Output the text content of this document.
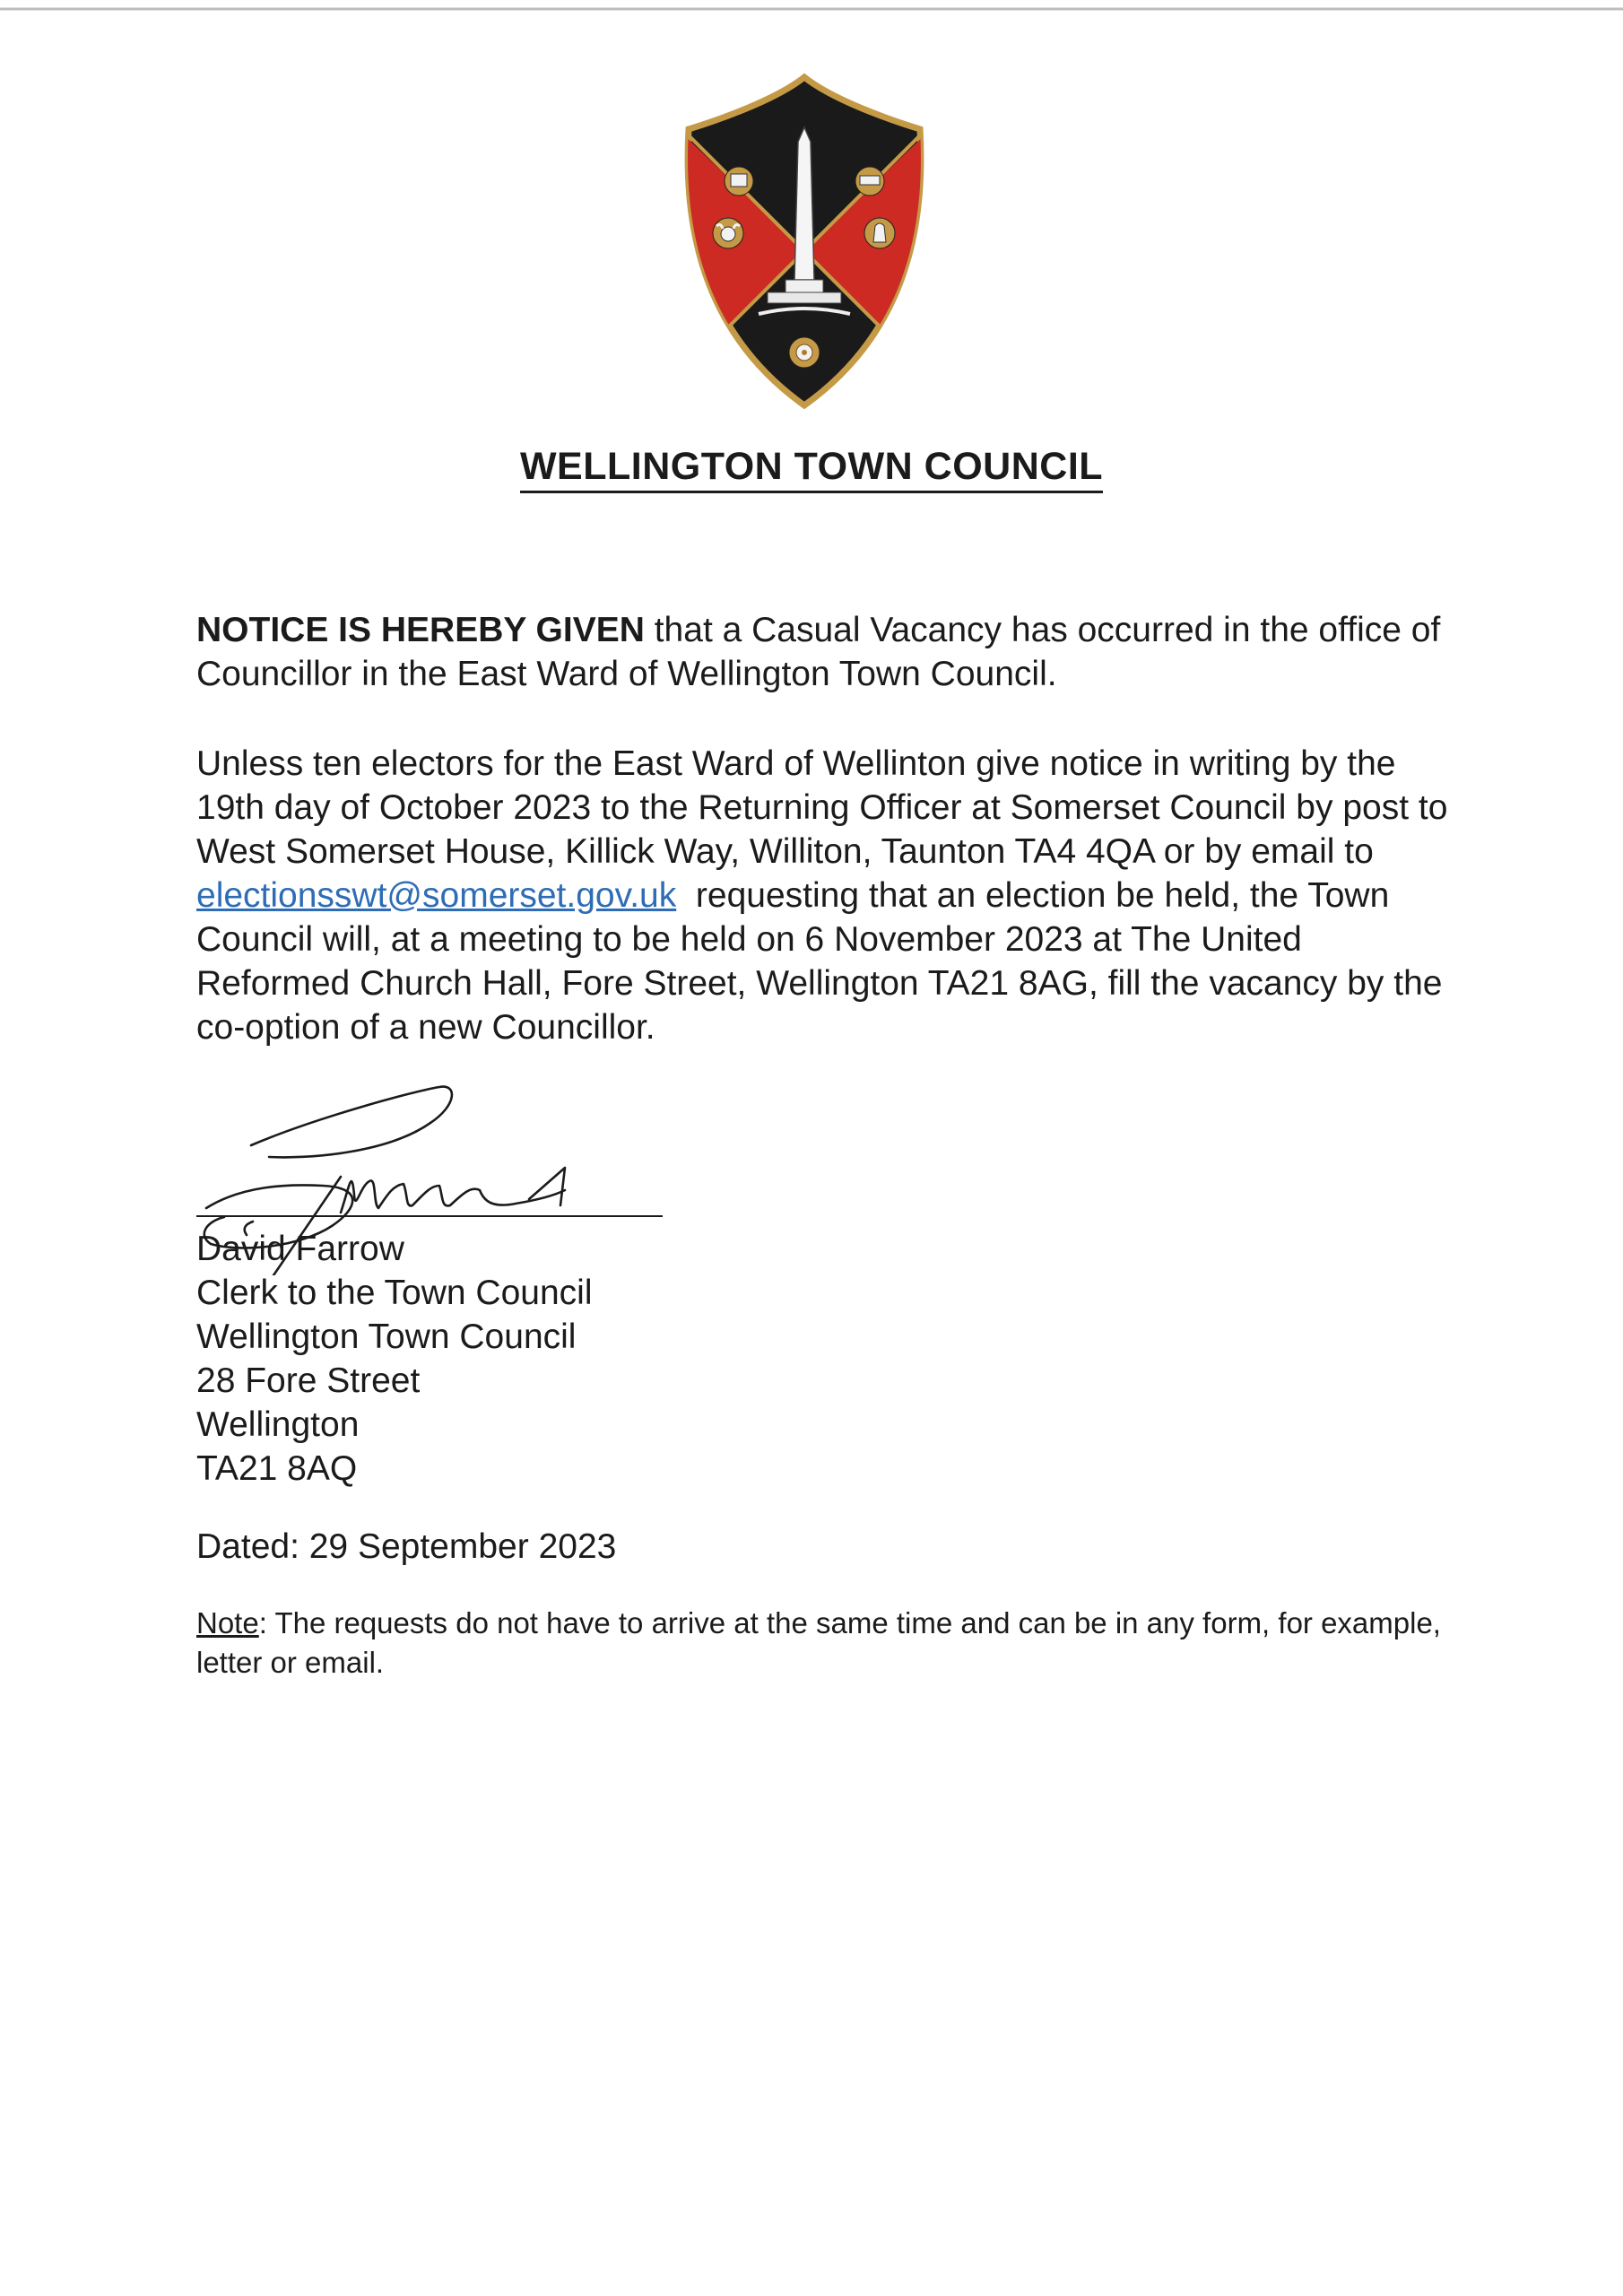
WELLINGTON TOWN COUNCIL

NOTICE IS HEREBY GIVEN that a Casual Vacancy has occurred in the office of Councillor in the East Ward of Wellington Town Council.

Unless ten electors for the East Ward of Wellinton give notice in writing by the 19th day of October 2023 to the Returning Officer at Somerset Council by post to West Somerset House, Killick Way, Williton, Taunton TA4 4QA or by email to electionsswt@somerset.gov.uk  requesting that an election be held, the Town Council will, at a meeting to be held on 6 November 2023 at The United Reformed Church Hall, Fore Street, Wellington TA21 8AG, fill the vacancy by the co-option of a new Councillor.

David Farrow
Clerk to the Town Council
Wellington Town Council
28 Fore Street
Wellington
TA21 8AQ
Dated: 29 September 2023
Note: The requests do not have to arrive at the same time and can be in any form, for example, letter or email.
